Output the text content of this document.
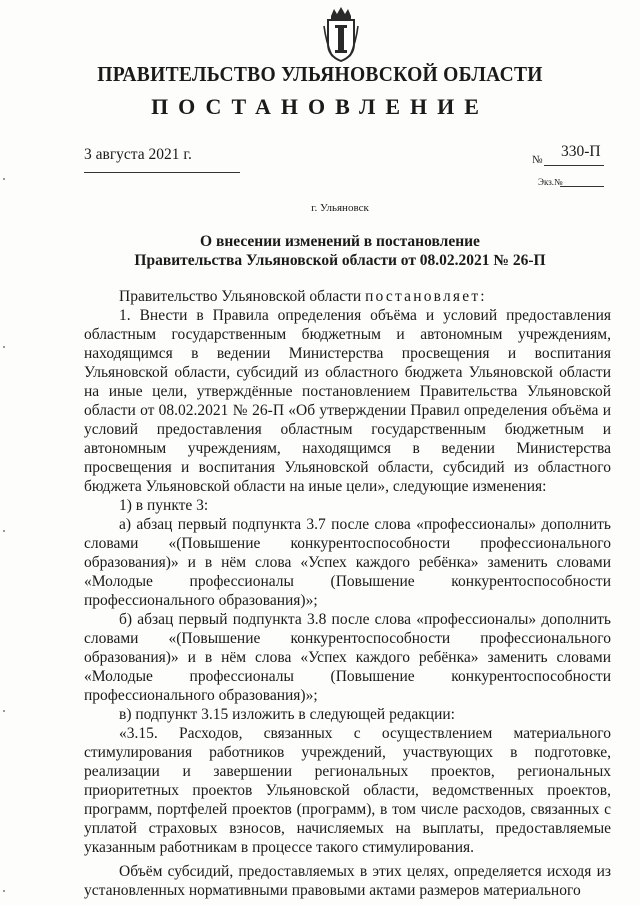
ПРАВИТЕЛЬСТВО УЛЬЯНОВСКОЙ ОБЛАСТИ
ПОСТАНОВЛЕНИЕ
3 августа 2021 г.	№ 330-П
Экз.№
г. Ульяновск
О внесении изменений в постановление
Правительства Ульяновской области от 08.02.2021 № 26-П

Правительство Ульяновской области постановляет:

1. Внести в Правила определения объёма и условий предоставления областным государственным бюджетным и автономным учреждениям, находящимся в ведении Министерства просвещения и воспитания Ульяновской области, субсидий из областного бюджета Ульяновской области на иные цели, утверждённые постановлением Правительства Ульяновской области от 08.02.2021 № 26-П «Об утверждении Правил определения объёма и условий предоставления областным государственным бюджетным и автономным учреждениям, находящимся в ведении Министерства просвещения и воспитания Ульяновской области, субсидий из областного бюджета Ульяновской области на иные цели», следующие изменения:

1) в пункте 3:

а) абзац первый подпункта 3.7 после слова «профессионалы» дополнить словами «(Повышение конкурентоспособности профессионального образования)» и в нём слова «Успех каждого ребёнка» заменить словами «Молодые профессионалы (Повышение конкурентоспособности профессионального образования)»;

б) абзац первый подпункта 3.8 после слова «профессионалы» дополнить словами «(Повышение конкурентоспособности профессионального образования)» и в нём слова «Успех каждого ребёнка» заменить словами «Молодые профессионалы (Повышение конкурентоспособности профессионального образования)»;

в) подпункт 3.15 изложить в следующей редакции:

«3.15. Расходов, связанных с осуществлением материального стимулирования работников учреждений, участвующих в подготовке, реализации и завершении региональных проектов, региональных приоритетных проектов Ульяновской области, ведомственных проектов, программ, портфелей проектов (программ), в том числе расходов, связанных с уплатой страховых взносов, начисляемых на выплаты, предоставляемые указанным работникам в процессе такого стимулирования.

Объём субсидий, предоставляемых в этих целях, определяется исходя из установленных нормативными правовыми актами размеров материального
